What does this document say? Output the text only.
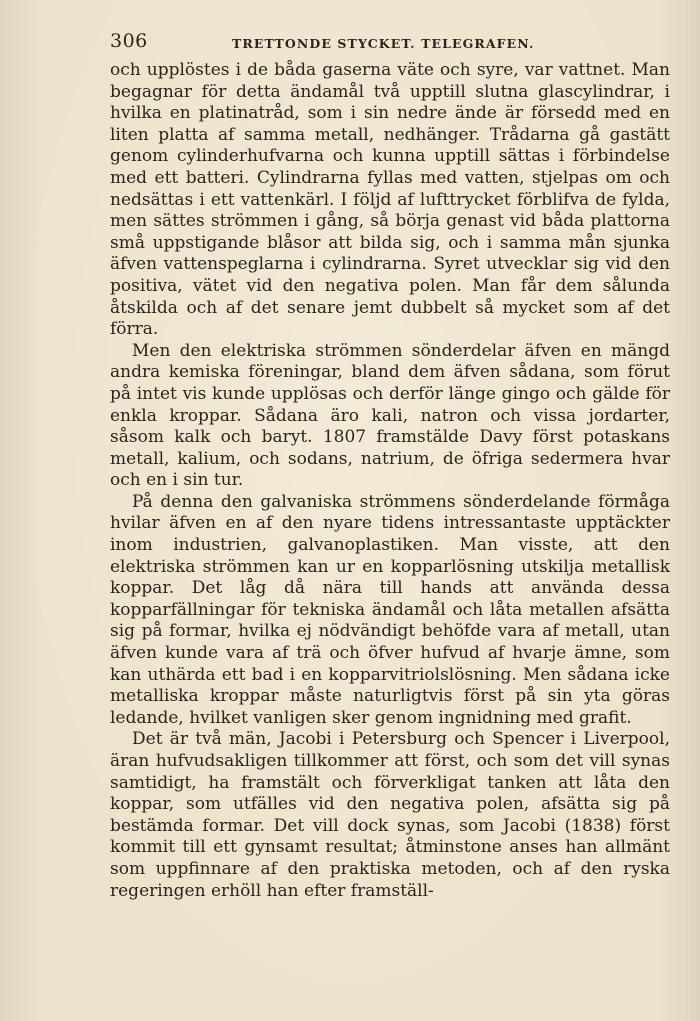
306	TRETTONDE STYCKET. TELEGRAFEN.

och upplöstes i de båda gaserna väte och syre, var vattnet. Man begagnar för detta ändamål två upptill slutna glascylindrar, i hvilka en platinatråd, som i sin nedre ände är försedd med en liten platta af samma metall, nedhänger. Trådarna gå gastätt genom cylinderhufvarna och kunna upptill sättas i förbindelse med ett batteri. Cylindrarna fyllas med vatten, stjelpas om och nedsättas i ett vattenkärl. I följd af lufttrycket förblifva de fylda, men sättes strömmen i gång, så börja genast vid båda plattorna små uppstigande blåsor att bilda sig, och i samma mån sjunka äfven vattenspeglarna i cylindrarna. Syret utvecklar sig vid den positiva, vätet vid den negativa polen. Man får dem sålunda åtskilda och af det senare jemt dubbelt så mycket som af det förra.

Men den elektriska strömmen sönderdelar äfven en mängd andra kemiska föreningar, bland dem äfven sådana, som förut på intet vis kunde upplösas och derför länge gingo och gälde för enkla kroppar. Sådana äro kali, natron och vissa jordarter, såsom kalk och baryt. 1807 framstälde Davy först potaskans metall, kalium, och sodans, natrium, de öfriga sedermera hvar och en i sin tur.

På denna den galvaniska strömmens sönderdelande förmåga hvilar äfven en af den nyare tidens intressantaste upptäckter inom industrien, galvanoplastiken. Man visste, att den elektriska strömmen kan ur en kopparlösning utskilja metallisk koppar. Det låg då nära till hands att använda dessa kopparfällningar för tekniska ändamål och låta metallen afsätta sig på formar, hvilka ej nödvändigt behöfde vara af metall, utan äfven kunde vara af trä och öfver hufvud af hvarje ämne, som kan uthärda ett bad i en kopparvitriolslösning. Men sådana icke metalliska kroppar måste naturligtvis först på sin yta göras ledande, hvilket vanligen sker genom ingnidning med grafit.

Det är två män, Jacobi i Petersburg och Spencer i Liverpool, äran hufvudsakligen tillkommer att först, och som det vill synas samtidigt, ha framstält och förverkligat tanken att låta den koppar, som utfälles vid den negativa polen, afsätta sig på bestämda formar. Det vill dock synas, som Jacobi (1838) först kommit till ett gynsamt resultat; åtminstone anses han allmänt som uppfinnare af den praktiska metoden, och af den ryska regeringen erhöll han efter framställ-
